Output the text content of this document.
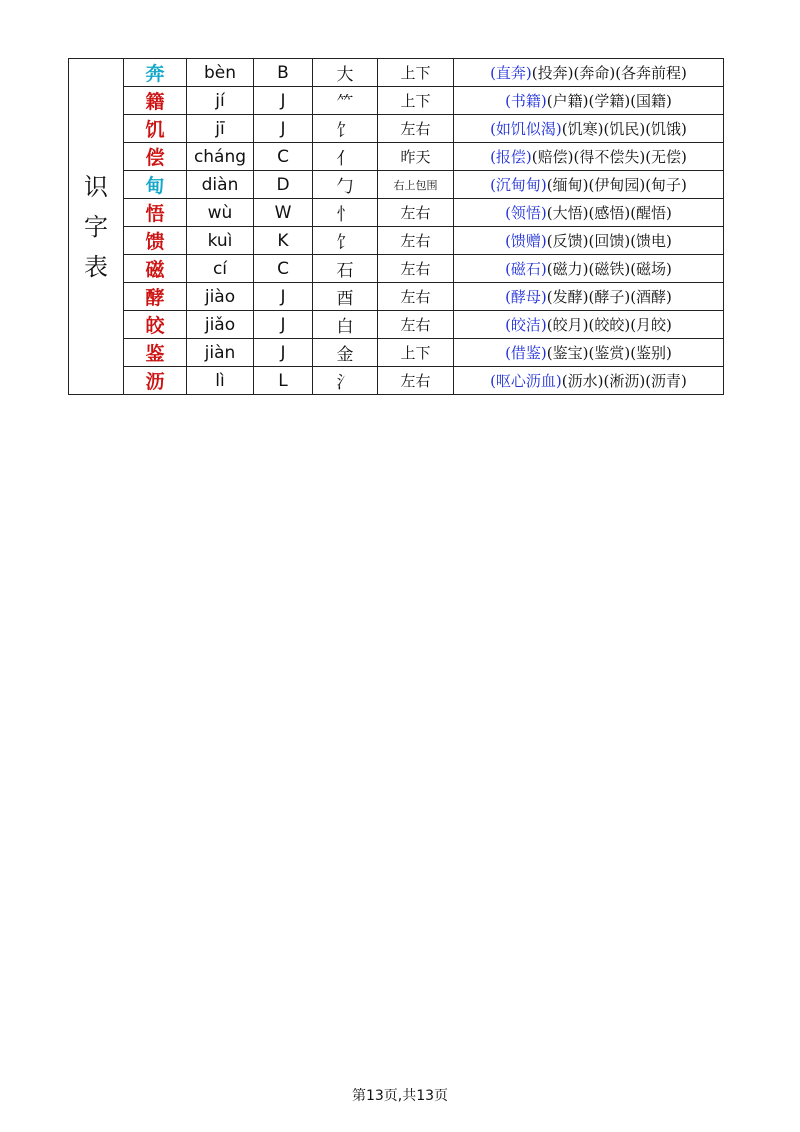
识
字
表	奔	bèn	B	大	上下	(直奔)(投奔)(奔命)(各奔前程)
	籍	jí	J	⺮	上下	(书籍)(户籍)(学籍)(国籍)
	饥	jī	J	饣	左右	(如饥似渴)(饥寒)(饥民)(饥饿)
	偿	cháng	C	亻	昨天	(报偿)(赔偿)(得不偿失)(无偿)
	甸	diàn	D	勹	右上包围	(沉甸甸)(缅甸)(伊甸园)(甸子)
	悟	wù	W	忄	左右	(领悟)(大悟)(感悟)(醒悟)
	馈	kuì	K	饣	左右	(馈赠)(反馈)(回馈)(馈电)
	磁	cí	C	石	左右	(磁石)(磁力)(磁铁)(磁场)
	酵	jiào	J	酉	左右	(酵母)(发酵)(酵子)(酒酵)
	皎	jiǎo	J	白	左右	(皎洁)(皎月)(皎皎)(月皎)
	鉴	jiàn	J	金	上下	(借鉴)(鉴宝)(鉴赏)(鉴别)
	沥	lì	L	氵	左右	(呕心沥血)(沥水)(淅沥)(沥青)
第13页,共13页
